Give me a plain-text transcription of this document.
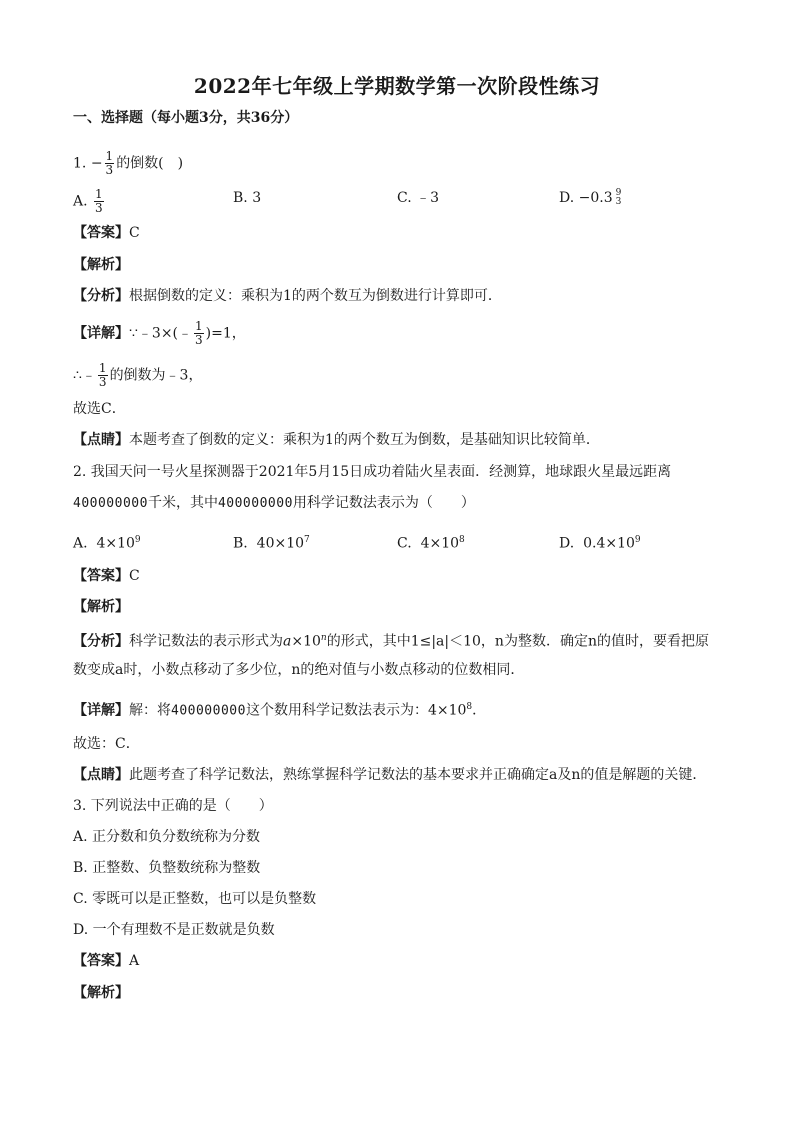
2022年七年级上学期数学第一次阶段性练习
一、选择题（每小题3分，共36分）
1. − $\frac{1}{3}$ 的倒数(　)
A. $\frac{1}{3}$	B. 3	C. ﹣3	D. −0.3 9
3
【答案】C
【解析】
【分析】根据倒数的定义：乘积为1的两个数互为倒数进行计算即可．
【详解】∵﹣3×(﹣ $\frac{1}{3} )=1$，
∴﹣ $\frac{1}{3}$ 的倒数为﹣3，
故选C．
【点睛】本题考查了倒数的定义：乘积为1的两个数互为倒数，是基础知识比较简单．
2. 我国天问一号火星探测器于2021年5月15日成功着陆火星表面．经测算，地球跟火星最远距离
400000000千米，其中400000000用科学记数法表示为（　　）
A. $4\times 10^9$	B. $40\times 10^7$	C. $4\times 10^8$	D. $0.4\times 10^9$
【答案】C
【解析】
【分析】科学记数法的表示形式为$a\times 10^n$的形式，其中1≤|a|＜10，n为整数．确定n的值时，要看把原
数变成a时，小数点移动了多少位，n的绝对值与小数点移动的位数相同．
【详解】解：将400000000这个数用科学记数法表示为：$4\times 10^8$．
故选：C．
【点睛】此题考查了科学记数法，熟练掌握科学记数法的基本要求并正确确定a及n的值是解题的关键．
3. 下列说法中正确的是（　　）
A. 正分数和负分数统称为分数
B. 正整数、负整数统称为整数
C. 零既可以是正整数，也可以是负整数
D. 一个有理数不是正数就是负数
【答案】A
【解析】
